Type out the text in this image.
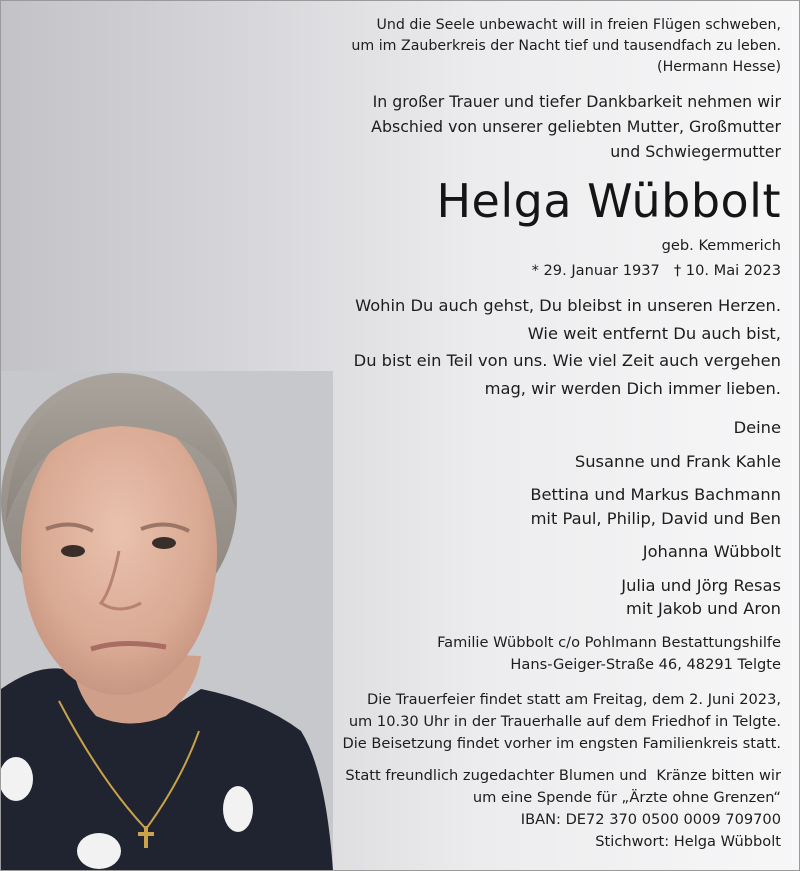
Und die Seele unbewacht will in freien Flügen schweben,

um im Zauberkreis der Nacht tief und tausendfach zu leben.

(Hermann Hesse)

In großer Trauer und tiefer Dankbarkeit nehmen wir

Abschied von unserer geliebten Mutter, Großmutter

und Schwiegermutter

Helga Wübbolt

geb. Kemmerich

* 29. Januar 1937 † 10. Mai 2023

Wohin Du auch gehst, Du bleibst in unseren Herzen.

Wie weit entfernt Du auch bist,

Du bist ein Teil von uns. Wie viel Zeit auch vergehen

mag, wir werden Dich immer lieben.

Deine

Susanne und Frank Kahle

Bettina und Markus Bachmann

mit Paul, Philip, David und Ben

Johanna Wübbolt

Julia und Jörg Resas

mit Jakob und Aron

Familie Wübbolt c/o Pohlmann Bestattungshilfe

Hans-Geiger-Straße 46, 48291 Telgte

Die Trauerfeier findet statt am Freitag, dem 2. Juni 2023,

um 10.30 Uhr in der Trauerhalle auf dem Friedhof in Telgte.

Die Beisetzung findet vorher im engsten Familienkreis statt.

Statt freundlich zugedachter Blumen und  Kränze bitten wir

um eine Spende für „Ärzte ohne Grenzen“

IBAN: DE72 370 0500 0009 709700

Stichwort: Helga Wübbolt
